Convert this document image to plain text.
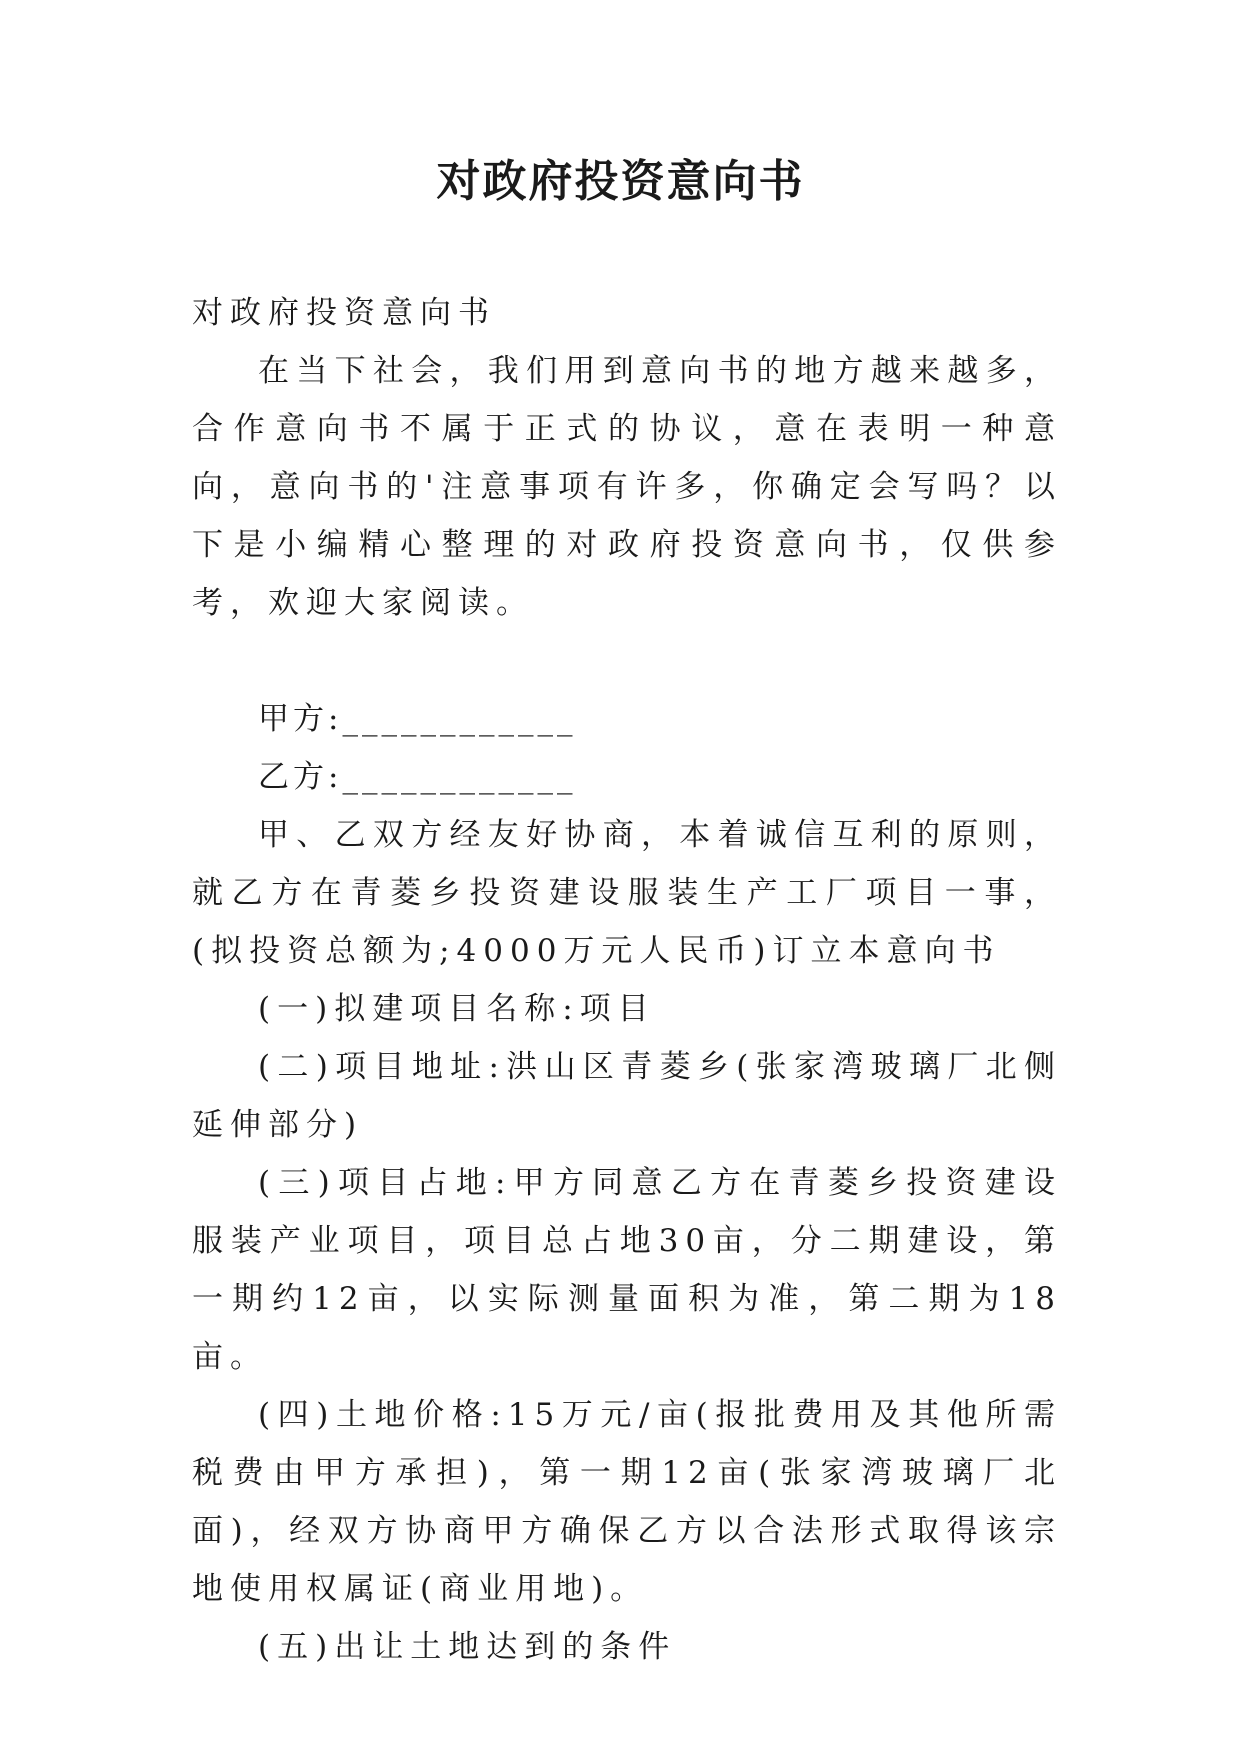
对政府投资意向书

对政府投资意向书

在当下社会，我们用到意向书的地方越来越多，合作意向书不属于正式的协议，意在表明一种意向，意向书的'注意事项有许多，你确定会写吗？以下是小编精心整理的对政府投资意向书，仅供参考，欢迎大家阅读。

甲方:____________

乙方:____________

甲、乙双方经友好协商，本着诚信互利的原则，就乙方在青菱乡投资建设服装生产工厂项目一事，(拟投资总额为;4000万元人民币)订立本意向书

(一)拟建项目名称:项目

(二)项目地址:洪山区青菱乡(张家湾玻璃厂北侧延伸部分)

(三)项目占地:甲方同意乙方在青菱乡投资建设服装产业项目，项目总占地30亩，分二期建设，第一期约12亩，以实际测量面积为准，第二期为18亩。

(四)土地价格:15万元/亩(报批费用及其他所需税费由甲方承担)，第一期12亩(张家湾玻璃厂北面)，经双方协商甲方确保乙方以合法形式取得该宗地使用权属证(商业用地)。

(五)出让土地达到的条件
